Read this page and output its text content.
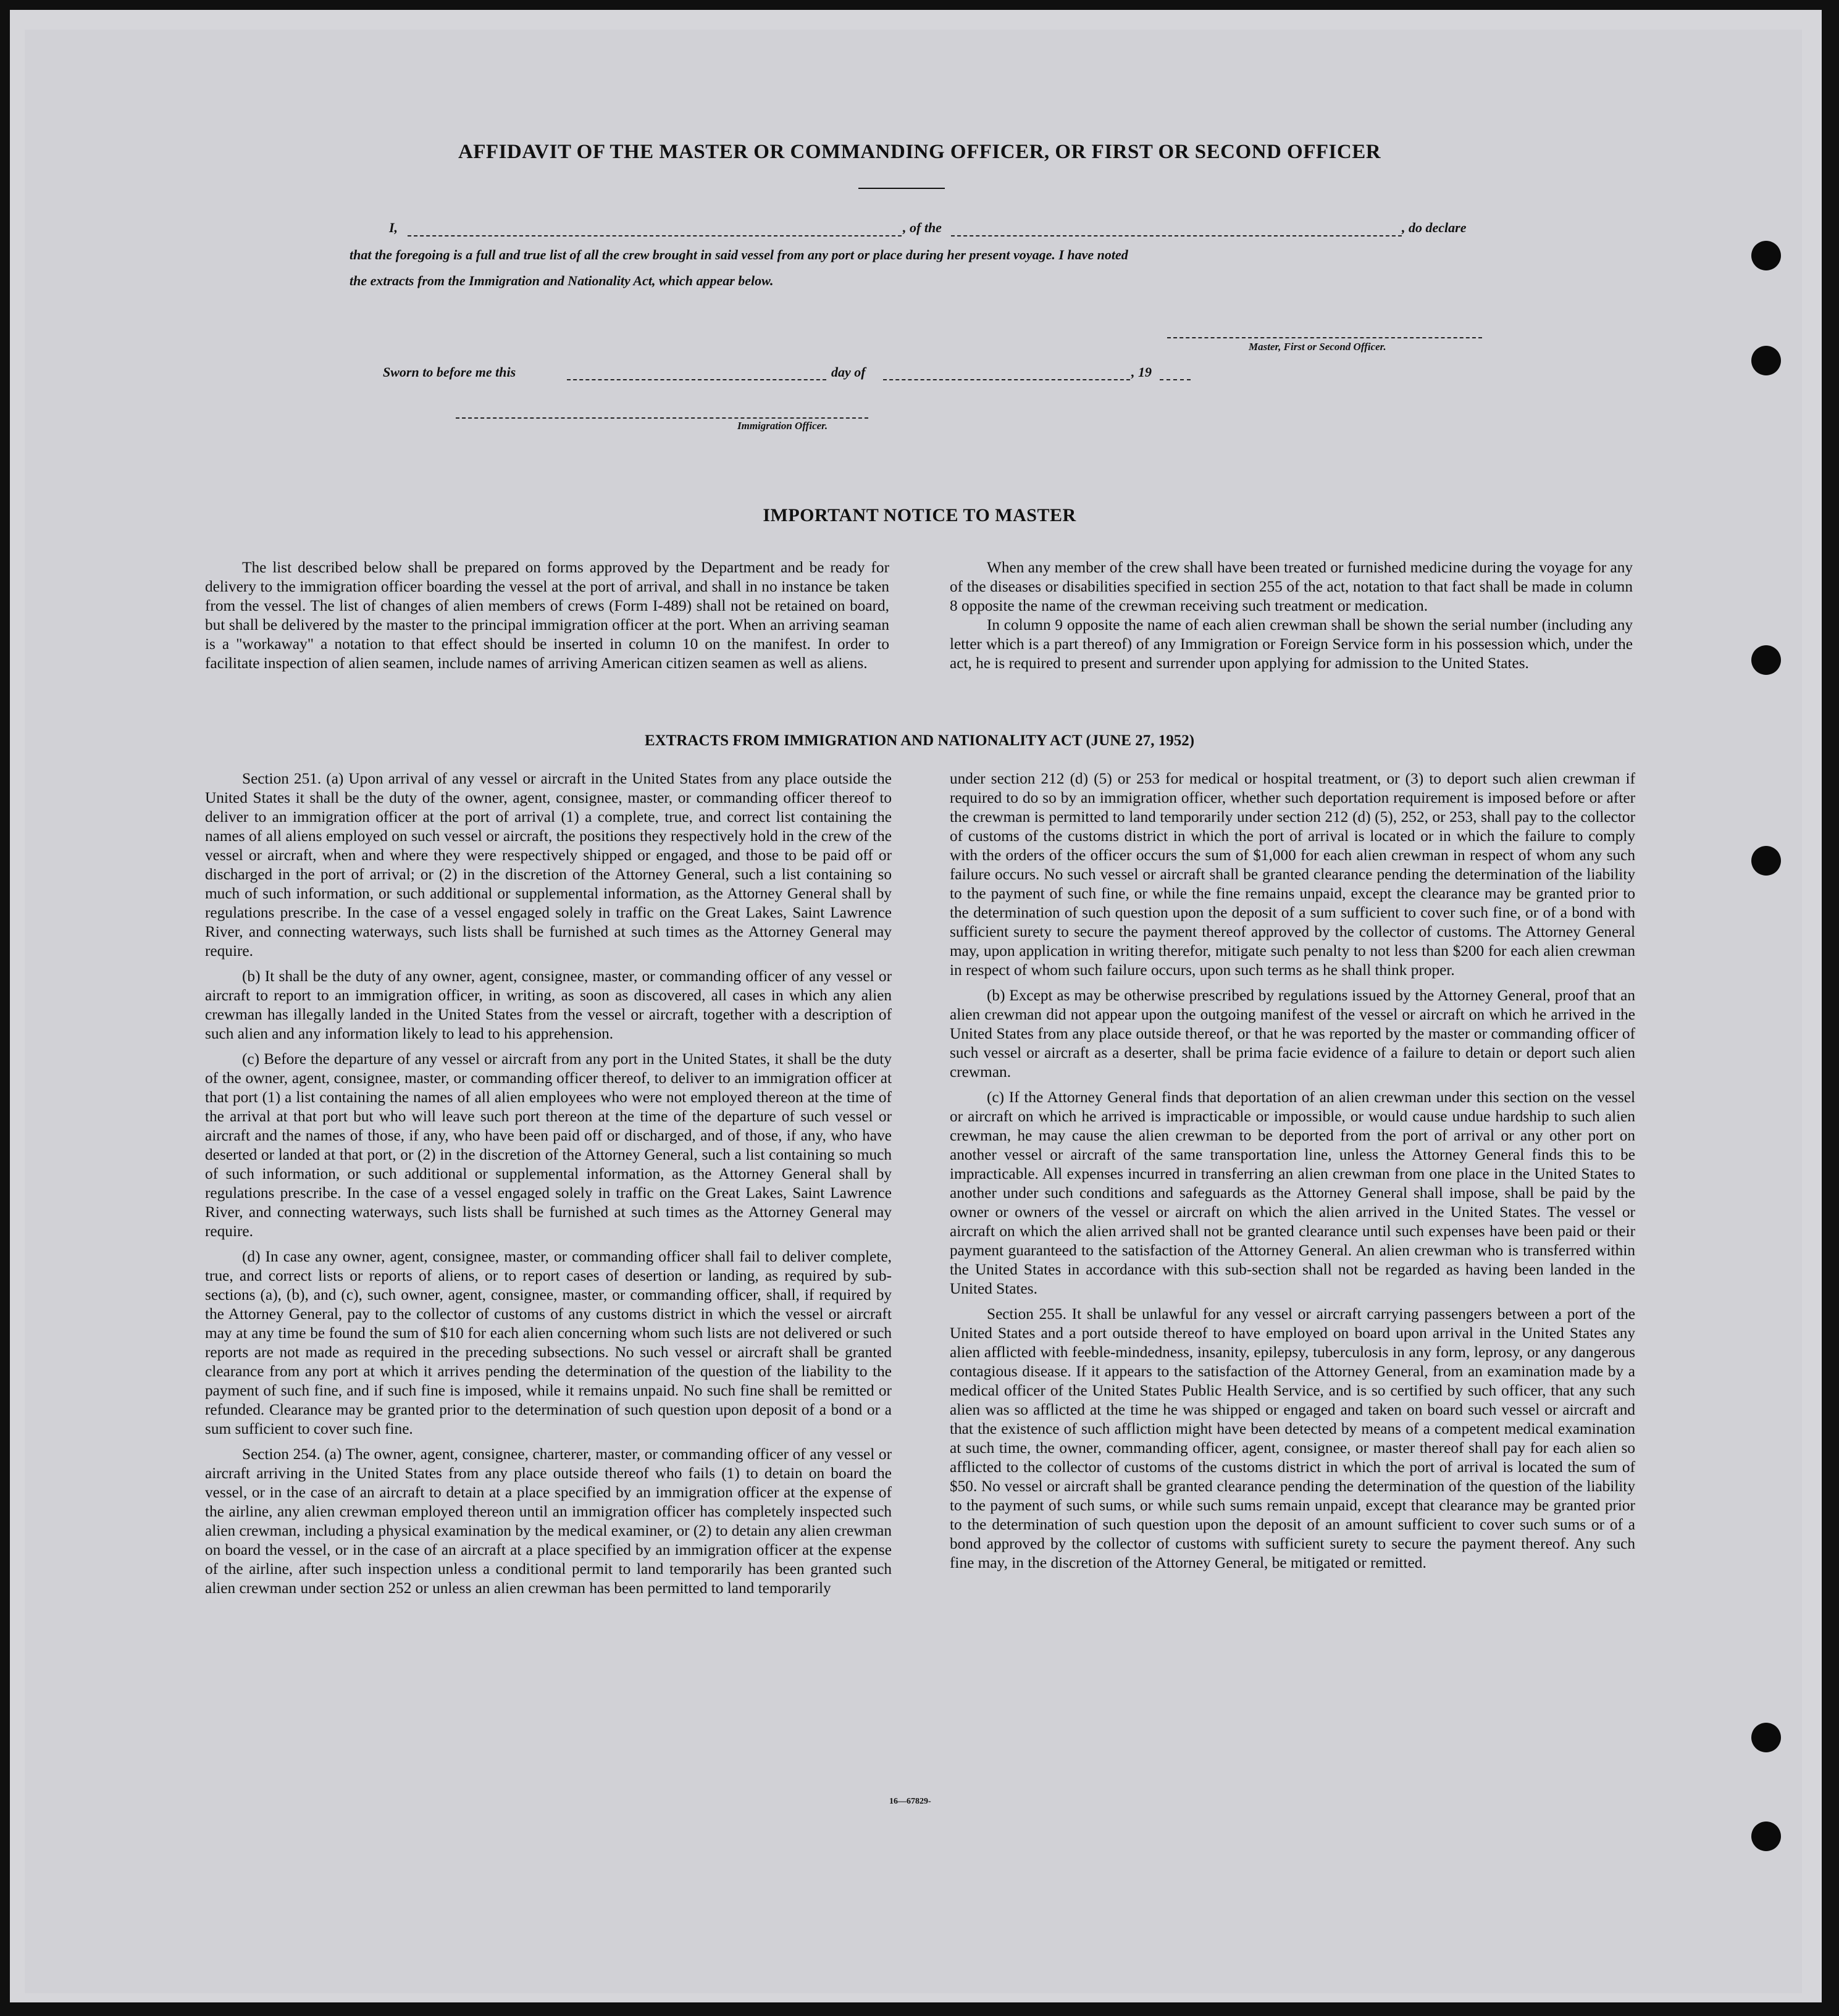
AFFIDAVIT OF THE MASTER OR COMMANDING OFFICER, OR FIRST OR SECOND OFFICER
I,	, of the	, do declare
that the foregoing is a full and true list of all the crew brought in said vessel from any port or place during her present voyage. I have noted
the extracts from the Immigration and Nationality Act, which appear below.
Master, First or Second Officer.
Sworn to before me this	day of	, 19
Immigration Officer.
IMPORTANT NOTICE TO MASTER

The list described below shall be prepared on forms approved by the Department and be ready for delivery to the immigration officer boarding the vessel at the port of arrival, and shall in no instance be taken from the vessel. The list of changes of alien members of crews (Form I-489) shall not be retained on board, but shall be delivered by the master to the principal immigration officer at the port. When an arriving seaman is a "workaway" a notation to that effect should be inserted in column 10 on the manifest. In order to facilitate inspection of alien seamen, include names of arriving American citizen seamen as well as aliens.

When any member of the crew shall have been treated or furnished medicine during the voyage for any of the diseases or disabilities specified in section 255 of the act, notation to that fact shall be made in column 8 opposite the name of the crewman receiving such treatment or medication.

In column 9 opposite the name of each alien crewman shall be shown the serial number (including any letter which is a part thereof) of any Immigration or Foreign Service form in his possession which, under the act, he is required to present and surrender upon applying for admission to the United States.

EXTRACTS FROM IMMIGRATION AND NATIONALITY ACT (JUNE 27, 1952)

Section 251. (a) Upon arrival of any vessel or aircraft in the United States from any place outside the United States it shall be the duty of the owner, agent, consignee, master, or commanding officer thereof to deliver to an immigration officer at the port of arrival (1) a complete, true, and correct list containing the names of all aliens employed on such vessel or aircraft, the positions they respectively hold in the crew of the vessel or aircraft, when and where they were respectively shipped or engaged, and those to be paid off or discharged in the port of arrival; or (2) in the discretion of the Attorney General, such a list containing so much of such information, or such additional or supplemental information, as the Attorney General shall by regulations prescribe. In the case of a vessel engaged solely in traffic on the Great Lakes, Saint Lawrence River, and connecting waterways, such lists shall be furnished at such times as the Attorney General may require.

(b) It shall be the duty of any owner, agent, consignee, master, or commanding officer of any vessel or aircraft to report to an immigration officer, in writing, as soon as discovered, all cases in which any alien crewman has illegally landed in the United States from the vessel or aircraft, together with a description of such alien and any information likely to lead to his apprehension.

(c) Before the departure of any vessel or aircraft from any port in the United States, it shall be the duty of the owner, agent, consignee, master, or commanding officer thereof, to deliver to an immigration officer at that port (1) a list containing the names of all alien employees who were not employed thereon at the time of the arrival at that port but who will leave such port thereon at the time of the departure of such vessel or aircraft and the names of those, if any, who have been paid off or discharged, and of those, if any, who have deserted or landed at that port, or (2) in the discretion of the Attorney General, such a list containing so much of such information, or such additional or supplemental information, as the Attorney General shall by regulations prescribe. In the case of a vessel engaged solely in traffic on the Great Lakes, Saint Lawrence River, and connecting waterways, such lists shall be furnished at such times as the Attorney General may require.

(d) In case any owner, agent, consignee, master, or commanding officer shall fail to deliver complete, true, and correct lists or reports of aliens, or to report cases of desertion or landing, as required by sub-sections (a), (b), and (c), such owner, agent, consignee, master, or commanding officer, shall, if required by the Attorney General, pay to the collector of customs of any customs district in which the vessel or aircraft may at any time be found the sum of $10 for each alien concerning whom such lists are not delivered or such reports are not made as required in the preceding subsections. No such vessel or aircraft shall be granted clearance from any port at which it arrives pending the determination of the question of the liability to the payment of such fine, and if such fine is imposed, while it remains unpaid. No such fine shall be remitted or refunded. Clearance may be granted prior to the determination of such question upon deposit of a bond or a sum sufficient to cover such fine.

Section 254. (a) The owner, agent, consignee, charterer, master, or commanding officer of any vessel or aircraft arriving in the United States from any place outside thereof who fails (1) to detain on board the vessel, or in the case of an aircraft to detain at a place specified by an immigration officer at the expense of the airline, any alien crewman employed thereon until an immigration officer has completely inspected such alien crewman, including a physical examination by the medical examiner, or (2) to detain any alien crewman on board the vessel, or in the case of an aircraft at a place specified by an immigration officer at the expense of the airline, after such inspection unless a conditional permit to land temporarily has been granted such alien crewman under section 252 or unless an alien crewman has been permitted to land temporarily

under section 212 (d) (5) or 253 for medical or hospital treatment, or (3) to deport such alien crewman if required to do so by an immigration officer, whether such deportation requirement is imposed before or after the crewman is permitted to land temporarily under section 212 (d) (5), 252, or 253, shall pay to the collector of customs of the customs district in which the port of arrival is located or in which the failure to comply with the orders of the officer occurs the sum of $1,000 for each alien crewman in respect of whom any such failure occurs. No such vessel or aircraft shall be granted clearance pending the determination of the liability to the payment of such fine, or while the fine remains unpaid, except the clearance may be granted prior to the determination of such question upon the deposit of a sum sufficient to cover such fine, or of a bond with sufficient surety to secure the payment thereof approved by the collector of customs. The Attorney General may, upon application in writing therefor, mitigate such penalty to not less than $200 for each alien crewman in respect of whom such failure occurs, upon such terms as he shall think proper.

(b) Except as may be otherwise prescribed by regulations issued by the Attorney General, proof that an alien crewman did not appear upon the outgoing manifest of the vessel or aircraft on which he arrived in the United States from any place outside thereof, or that he was reported by the master or commanding officer of such vessel or aircraft as a deserter, shall be prima facie evidence of a failure to detain or deport such alien crewman.

(c) If the Attorney General finds that deportation of an alien crewman under this section on the vessel or aircraft on which he arrived is impracticable or impossible, or would cause undue hardship to such alien crewman, he may cause the alien crewman to be deported from the port of arrival or any other port on another vessel or aircraft of the same transportation line, unless the Attorney General finds this to be impracticable. All expenses incurred in transferring an alien crewman from one place in the United States to another under such conditions and safeguards as the Attorney General shall impose, shall be paid by the owner or owners of the vessel or aircraft on which the alien arrived in the United States. The vessel or aircraft on which the alien arrived shall not be granted clearance until such expenses have been paid or their payment guaranteed to the satisfaction of the Attorney General. An alien crewman who is transferred within the United States in accordance with this sub-section shall not be regarded as having been landed in the United States.

Section 255. It shall be unlawful for any vessel or aircraft carrying passengers between a port of the United States and a port outside thereof to have employed on board upon arrival in the United States any alien afflicted with feeble-mindedness, insanity, epilepsy, tuberculosis in any form, leprosy, or any dangerous contagious disease. If it appears to the satisfaction of the Attorney General, from an examination made by a medical officer of the United States Public Health Service, and is so certified by such officer, that any such alien was so afflicted at the time he was shipped or engaged and taken on board such vessel or aircraft and that the existence of such affliction might have been detected by means of a competent medical examination at such time, the owner, commanding officer, agent, consignee, or master thereof shall pay for each alien so afflicted to the collector of customs of the customs district in which the port of arrival is located the sum of $50. No vessel or aircraft shall be granted clearance pending the determination of the question of the liability to the payment of such sums, or while such sums remain unpaid, except that clearance may be granted prior to the determination of such question upon the deposit of an amount sufficient to cover such sums or of a bond approved by the collector of customs with sufficient surety to secure the payment thereof. Any such fine may, in the discretion of the Attorney General, be mitigated or remitted.

16—67829-
